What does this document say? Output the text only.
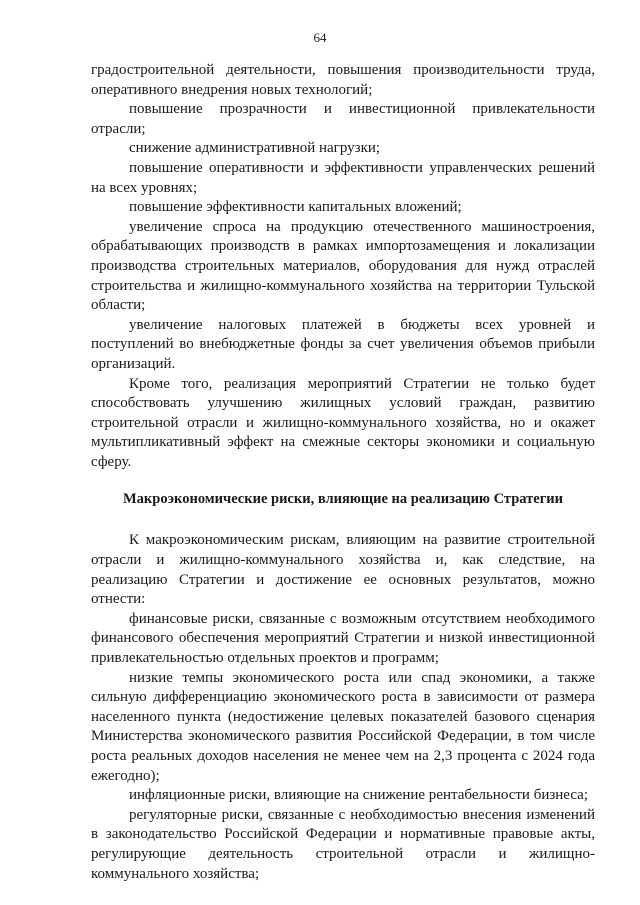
64

градостроительной деятельности, повышения производительности труда, оперативного внедрения новых технологий;

повышение прозрачности и инвестиционной привлекательности отрасли;

снижение административной нагрузки;

повышение оперативности и эффективности управленческих решений на всех уровнях;

повышение эффективности капитальных вложений;

увеличение спроса на продукцию отечественного машиностроения, обрабатывающих производств в рамках импортозамещения и локализации производства строительных материалов, оборудования для нужд отраслей строительства и жилищно-коммунального хозяйства на территории Тульской области;

увеличение налоговых платежей в бюджеты всех уровней и поступлений во внебюджетные фонды за счет увеличения объемов прибыли организаций.

Кроме того, реализация мероприятий Стратегии не только будет способствовать улучшению жилищных условий граждан, развитию строительной отрасли и жилищно-коммунального хозяйства, но и окажет мультипликативный эффект на смежные секторы экономики и социальную сферу.

Макроэкономические риски, влияющие на реализацию Стратегии

К макроэкономическим рискам, влияющим на развитие строительной отрасли и жилищно-коммунального хозяйства и, как следствие, на реализацию Стратегии и достижение ее основных результатов, можно отнести:

финансовые риски, связанные с возможным отсутствием необходимого финансового обеспечения мероприятий Стратегии и низкой инвестиционной привлекательностью отдельных проектов и программ;

низкие темпы экономического роста или спад экономики, а также сильную дифференциацию экономического роста в зависимости от размера населенного пункта (недостижение целевых показателей базового сценария Министерства экономического развития Российской Федерации, в том числе роста реальных доходов населения не менее чем на 2,3 процента с 2024 года ежегодно);

инфляционные риски, влияющие на снижение рентабельности бизнеса;

регуляторные риски, связанные с необходимостью внесения изменений в законодательство Российской Федерации и нормативные правовые акты, регулирующие деятельность строительной отрасли и жилищно-коммунального хозяйства;
